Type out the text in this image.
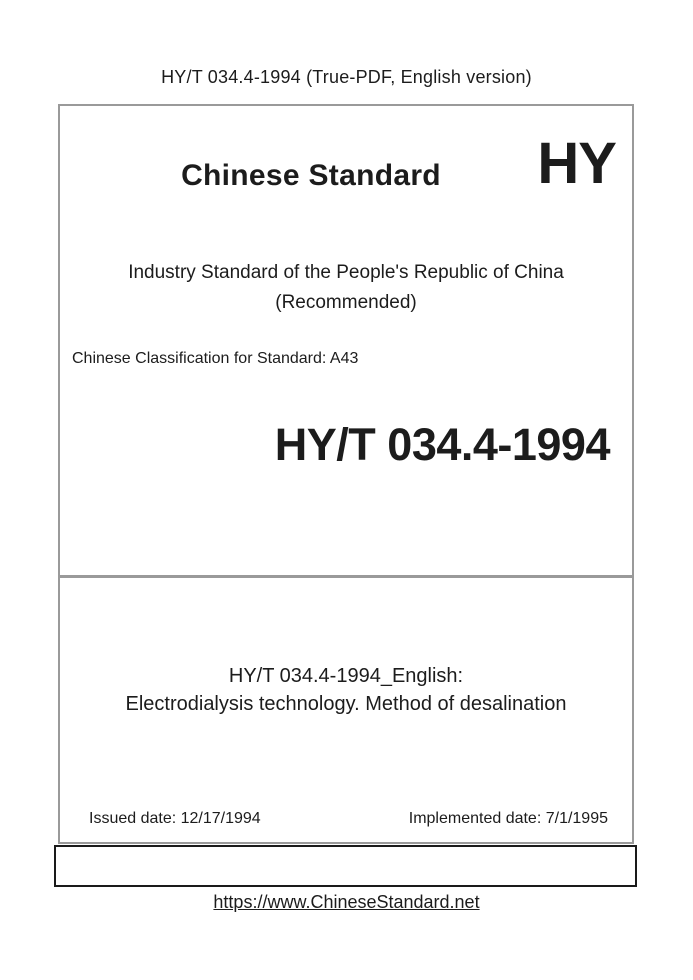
HY/T 034.4-1994 (True-PDF, English version)
Chinese Standard	HY
Industry Standard of the People's Republic of China
(Recommended)
Chinese Classification for Standard: A43
HY/T 034.4-1994
HY/T 034.4-1994_English:
Electrodialysis technology. Method of desalination
Issued date: 12/17/1994	Implemented date: 7/1/1995
https://www.ChineseStandard.net
